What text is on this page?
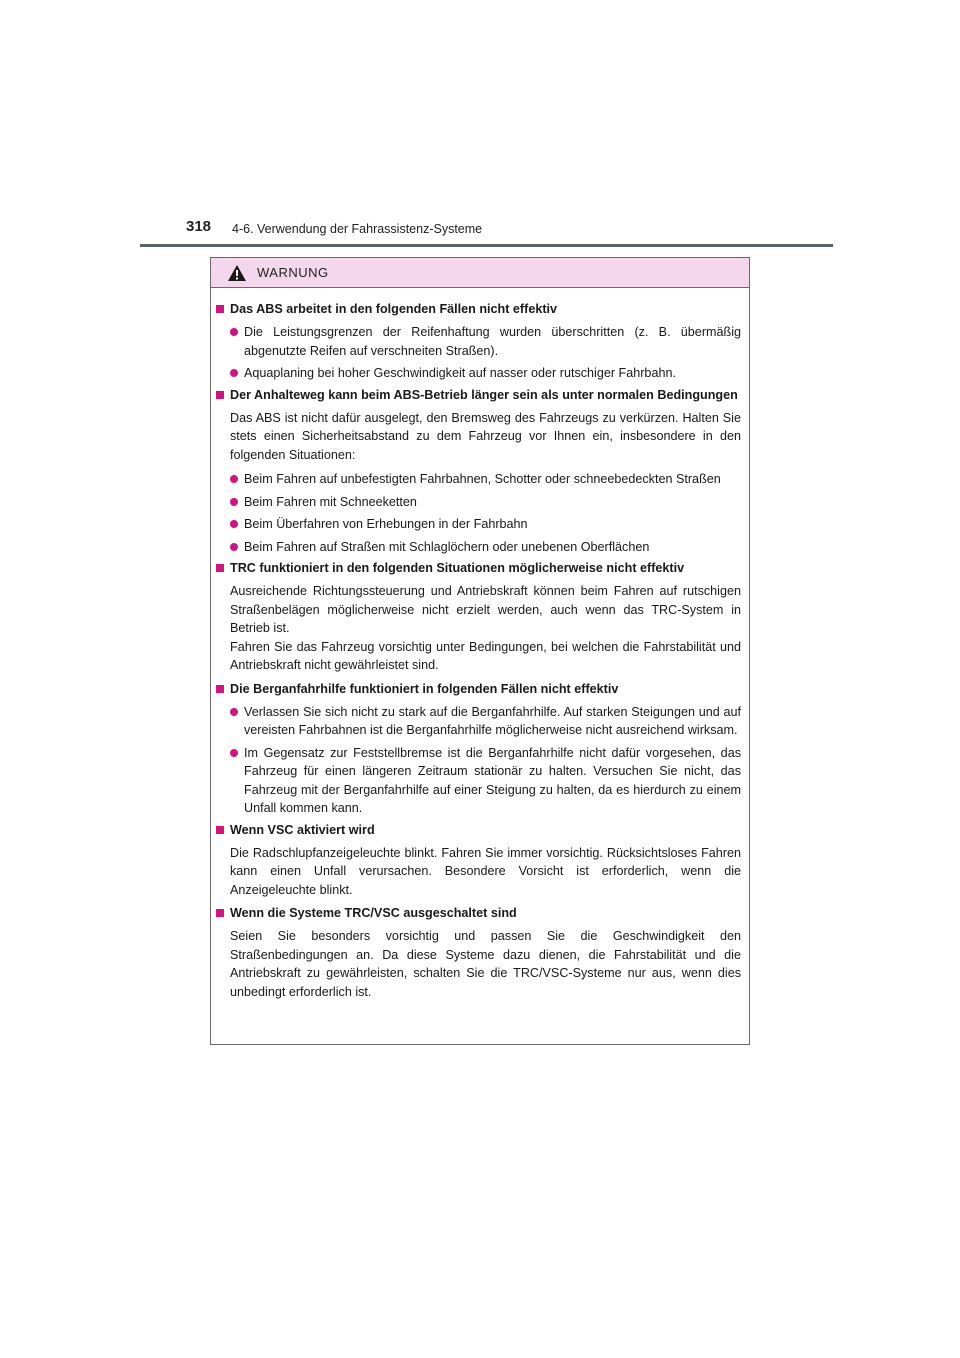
318 4-6. Verwendung der Fahrassistenz-Systeme
WARNUNG
Das ABS arbeitet in den folgenden Fällen nicht effektiv
Die Leistungsgrenzen der Reifenhaftung wurden überschritten (z. B. übermäßig abgenutzte Reifen auf verschneiten Straßen).
Aquaplaning bei hoher Geschwindigkeit auf nasser oder rutschiger Fahrbahn.
Der Anhalteweg kann beim ABS-Betrieb länger sein als unter normalen Bedingungen
Das ABS ist nicht dafür ausgelegt, den Bremsweg des Fahrzeugs zu verkürzen. Halten Sie stets einen Sicherheitsabstand zu dem Fahrzeug vor Ihnen ein, insbesondere in den folgenden Situationen:
Beim Fahren auf unbefestigten Fahrbahnen, Schotter oder schneebedeckten Straßen
Beim Fahren mit Schneeketten
Beim Überfahren von Erhebungen in der Fahrbahn
Beim Fahren auf Straßen mit Schlaglöchern oder unebenen Oberflächen
TRC funktioniert in den folgenden Situationen möglicherweise nicht effektiv
Ausreichende Richtungssteuerung und Antriebskraft können beim Fahren auf rutschigen Straßenbelägen möglicherweise nicht erzielt werden, auch wenn das TRC-System in Betrieb ist.
Fahren Sie das Fahrzeug vorsichtig unter Bedingungen, bei welchen die Fahrstabilität und Antriebskraft nicht gewährleistet sind.
Die Berganfahrhilfe funktioniert in folgenden Fällen nicht effektiv
Verlassen Sie sich nicht zu stark auf die Berganfahrhilfe. Auf starken Steigungen und auf vereisten Fahrbahnen ist die Berganfahrhilfe möglicherweise nicht ausreichend wirksam.
Im Gegensatz zur Feststellbremse ist die Berganfahrhilfe nicht dafür vorgesehen, das Fahrzeug für einen längeren Zeitraum stationär zu halten. Versuchen Sie nicht, das Fahrzeug mit der Berganfahrhilfe auf einer Steigung zu halten, da es hierdurch zu einem Unfall kommen kann.
Wenn VSC aktiviert wird
Die Radschlupfanzeigeleuchte blinkt. Fahren Sie immer vorsichtig. Rücksichtsloses Fahren kann einen Unfall verursachen. Besondere Vorsicht ist erforderlich, wenn die Anzeigeleuchte blinkt.
Wenn die Systeme TRC/VSC ausgeschaltet sind
Seien Sie besonders vorsichtig und passen Sie die Geschwindigkeit den Straßenbedingungen an. Da diese Systeme dazu dienen, die Fahrstabilität und die Antriebskraft zu gewährleisten, schalten Sie die TRC/VSC-Systeme nur aus, wenn dies unbedingt erforderlich ist.
